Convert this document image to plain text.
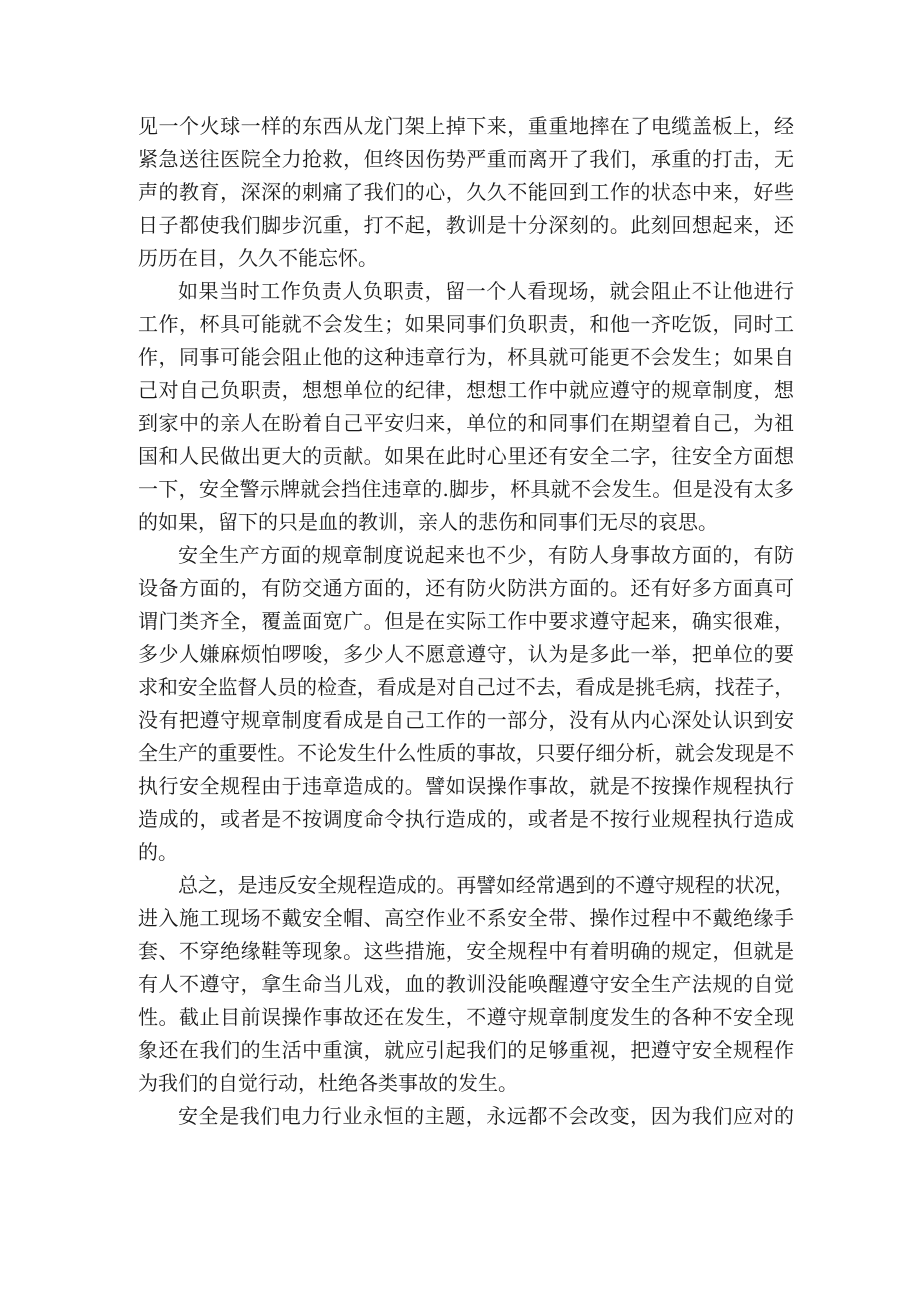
见一个火球一样的东西从龙门架上掉下来，重重地摔在了电缆盖板上，经
紧急送往医院全力抢救，但终因伤势严重而离开了我们，承重的打击，无
声的教育，深深的刺痛了我们的心，久久不能回到工作的状态中来，好些
日子都使我们脚步沉重，打不起，教训是十分深刻的。此刻回想起来，还
历历在目，久久不能忘怀。
如果当时工作负责人负职责，留一个人看现场，就会阻止不让他进行
工作，杯具可能就不会发生；如果同事们负职责，和他一齐吃饭，同时工
作，同事可能会阻止他的这种违章行为，杯具就可能更不会发生；如果自
己对自己负职责，想想单位的纪律，想想工作中就应遵守的规章制度，想
到家中的亲人在盼着自己平安归来，单位的和同事们在期望着自己，为祖
国和人民做出更大的贡献。如果在此时心里还有安全二字，往安全方面想
一下，安全警示牌就会挡住违章的.脚步，杯具就不会发生。但是没有太多
的如果，留下的只是血的教训，亲人的悲伤和同事们无尽的哀思。
安全生产方面的规章制度说起来也不少，有防人身事故方面的，有防
设备方面的，有防交通方面的，还有防火防洪方面的。还有好多方面真可
谓门类齐全，覆盖面宽广。但是在实际工作中要求遵守起来，确实很难，
多少人嫌麻烦怕啰唆，多少人不愿意遵守，认为是多此一举，把单位的要
求和安全监督人员的检查，看成是对自己过不去，看成是挑毛病，找茬子，
没有把遵守规章制度看成是自己工作的一部分，没有从内心深处认识到安
全生产的重要性。不论发生什么性质的事故，只要仔细分析，就会发现是不
执行安全规程由于违章造成的。譬如误操作事故，就是不按操作规程执行
造成的，或者是不按调度命令执行造成的，或者是不按行业规程执行造成
的。
总之，是违反安全规程造成的。再譬如经常遇到的不遵守规程的状况，
进入施工现场不戴安全帽、高空作业不系安全带、操作过程中不戴绝缘手
套、不穿绝缘鞋等现象。这些措施，安全规程中有着明确的规定，但就是
有人不遵守，拿生命当儿戏，血的教训没能唤醒遵守安全生产法规的自觉
性。截止目前误操作事故还在发生，不遵守规章制度发生的各种不安全现
象还在我们的生活中重演，就应引起我们的足够重视，把遵守安全规程作
为我们的自觉行动，杜绝各类事故的发生。
安全是我们电力行业永恒的主题，永远都不会改变，因为我们应对的
